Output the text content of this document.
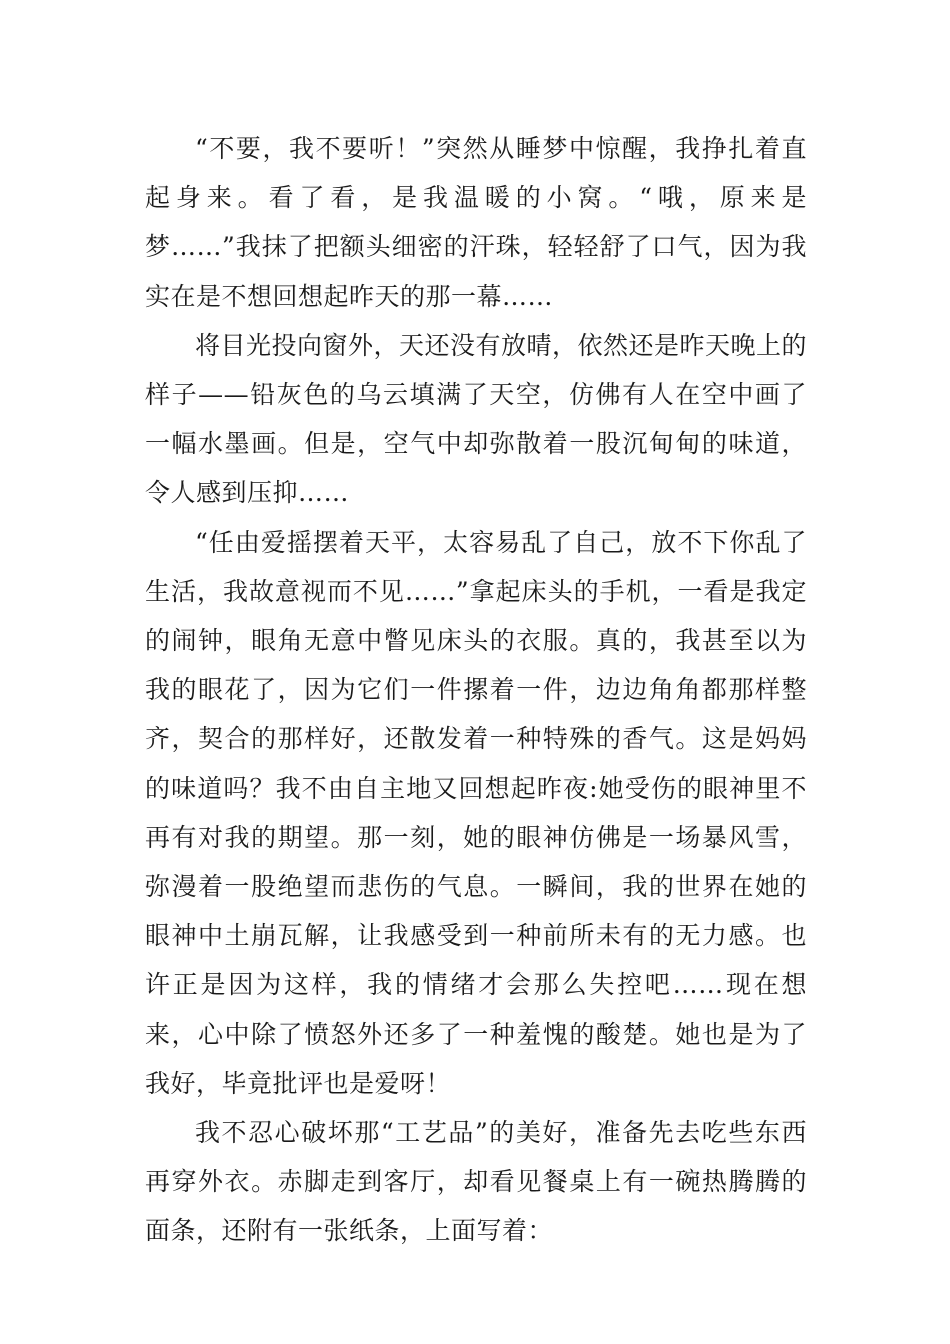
“不要，我不要听！”突然从睡梦中惊醒，我挣扎着直起身来。看了看，是我温暖的小窝。“哦，原来是梦……”我抹了把额头细密的汗珠，轻轻舒了口气，因为我实在是不想回想起昨天的那一幕……

将目光投向窗外，天还没有放晴，依然还是昨天晚上的样子——铅灰色的乌云填满了天空，仿佛有人在空中画了一幅水墨画。但是，空气中却弥散着一股沉甸甸的味道，令人感到压抑……

“任由爱摇摆着天平，太容易乱了自己，放不下你乱了生活，我故意视而不见……”拿起床头的手机，一看是我定的闹钟，眼角无意中瞥见床头的衣服。真的，我甚至以为我的眼花了，因为它们一件摞着一件，边边角角都那样整齐，契合的那样好，还散发着一种特殊的香气。这是妈妈的味道吗？我不由自主地又回想起昨夜:她受伤的眼神里不再有对我的期望。那一刻，她的眼神仿佛是一场暴风雪，弥漫着一股绝望而悲伤的气息。一瞬间，我的世界在她的眼神中土崩瓦解，让我感受到一种前所未有的无力感。也许正是因为这样，我的情绪才会那么失控吧……现在想来，心中除了愤怒外还多了一种羞愧的酸楚。她也是为了我好，毕竟批评也是爱呀！

我不忍心破坏那“工艺品”的美好，准备先去吃些东西再穿外衣。赤脚走到客厅，却看见餐桌上有一碗热腾腾的面条，还附有一张纸条，上面写着：
